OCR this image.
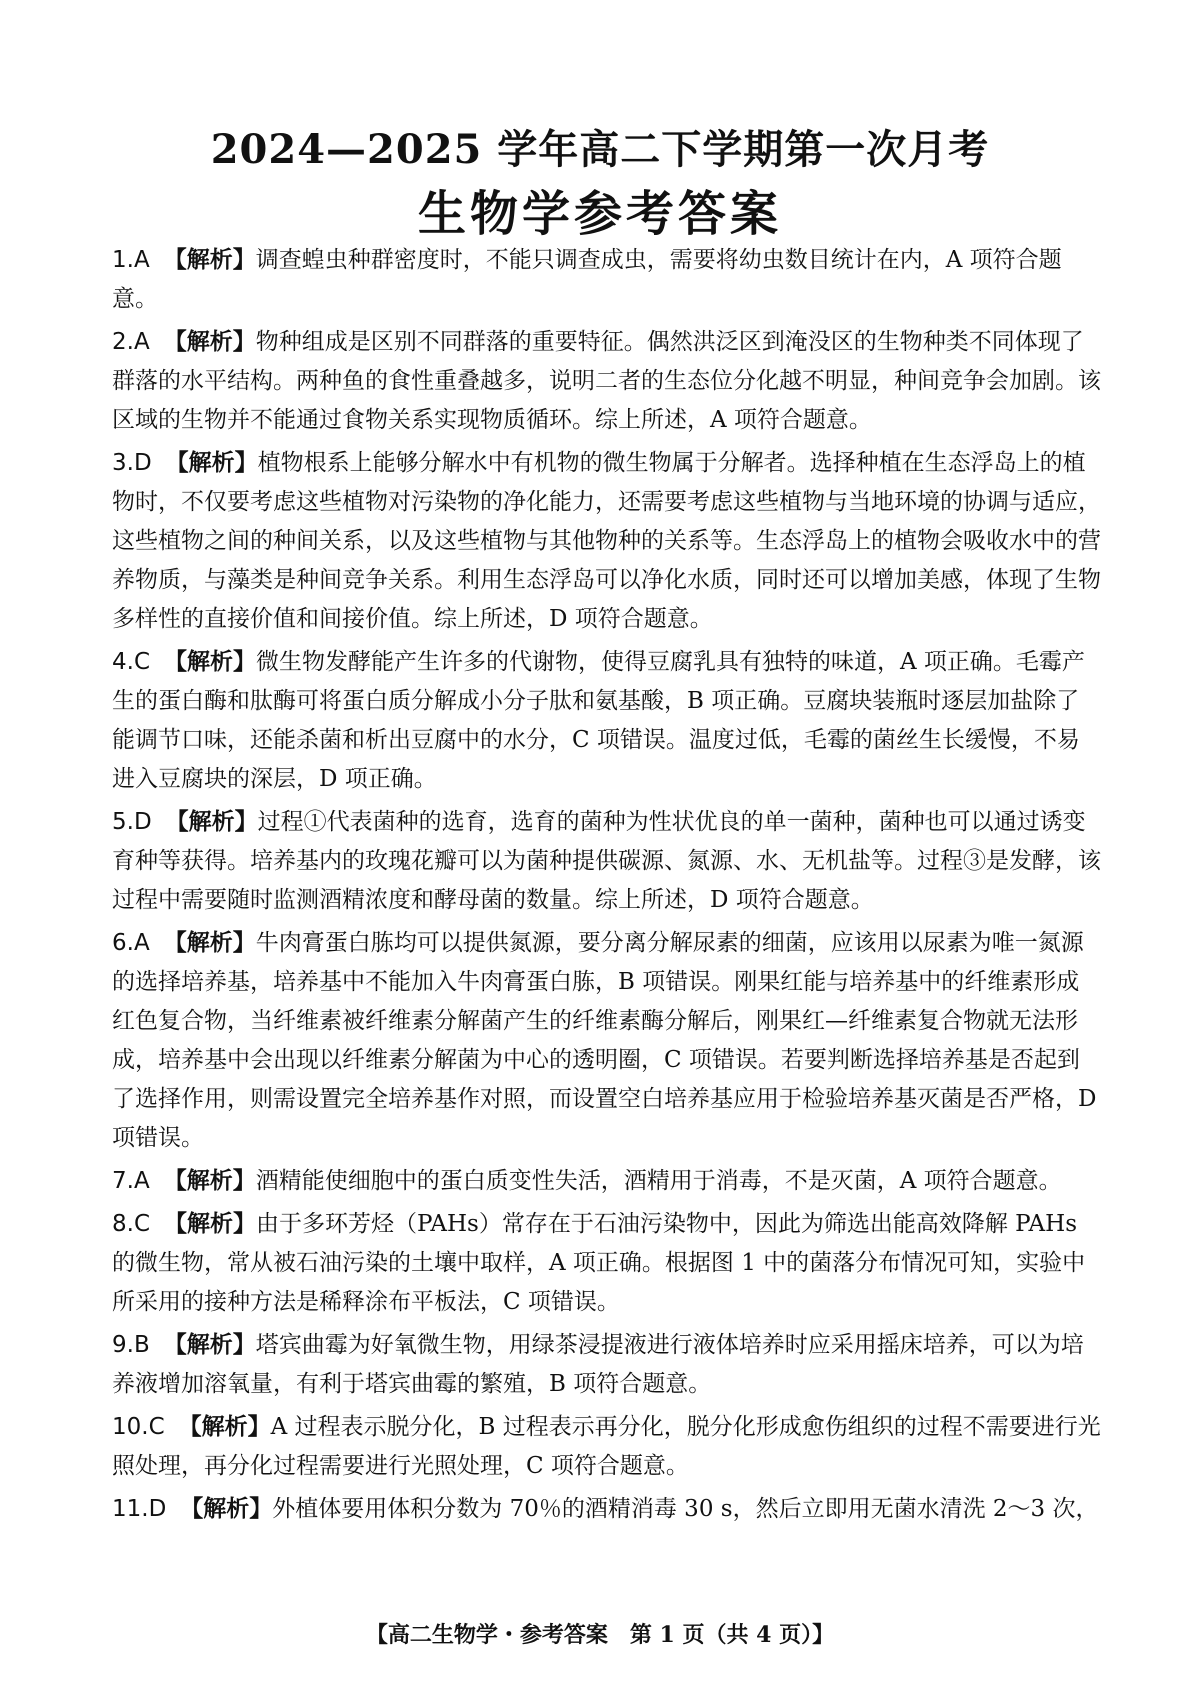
2024—2025 学年高二下学期第一次月考
生物学参考答案
1.A 【解析】调查蝗虫种群密度时，不能只调查成虫，需要将幼虫数目统计在内，A 项符合题意。
2.A 【解析】物种组成是区别不同群落的重要特征。偶然洪泛区到淹没区的生物种类不同体现了群落的水平结构。两种鱼的食性重叠越多，说明二者的生态位分化越不明显，种间竞争会加剧。该区域的生物并不能通过食物关系实现物质循环。综上所述，A 项符合题意。
3.D 【解析】植物根系上能够分解水中有机物的微生物属于分解者。选择种植在生态浮岛上的植物时，不仅要考虑这些植物对污染物的净化能力，还需要考虑这些植物与当地环境的协调与适应，这些植物之间的种间关系，以及这些植物与其他物种的关系等。生态浮岛上的植物会吸收水中的营养物质，与藻类是种间竞争关系。利用生态浮岛可以净化水质，同时还可以增加美感，体现了生物多样性的直接价值和间接价值。综上所述，D 项符合题意。
4.C 【解析】微生物发酵能产生许多的代谢物，使得豆腐乳具有独特的味道，A 项正确。毛霉产生的蛋白酶和肽酶可将蛋白质分解成小分子肽和氨基酸，B 项正确。豆腐块装瓶时逐层加盐除了能调节口味，还能杀菌和析出豆腐中的水分，C 项错误。温度过低，毛霉的菌丝生长缓慢，不易进入豆腐块的深层，D 项正确。
5.D 【解析】过程①代表菌种的选育，选育的菌种为性状优良的单一菌种，菌种也可以通过诱变育种等获得。培养基内的玫瑰花瓣可以为菌种提供碳源、氮源、水、无机盐等。过程③是发酵，该过程中需要随时监测酒精浓度和酵母菌的数量。综上所述，D 项符合题意。
6.A 【解析】牛肉膏蛋白胨均可以提供氮源，要分离分解尿素的细菌，应该用以尿素为唯一氮源的选择培养基，培养基中不能加入牛肉膏蛋白胨，B 项错误。刚果红能与培养基中的纤维素形成红色复合物，当纤维素被纤维素分解菌产生的纤维素酶分解后，刚果红—纤维素复合物就无法形成，培养基中会出现以纤维素分解菌为中心的透明圈，C 项错误。若要判断选择培养基是否起到了选择作用，则需设置完全培养基作对照，而设置空白培养基应用于检验培养基灭菌是否严格，D 项错误。
7.A 【解析】酒精能使细胞中的蛋白质变性失活，酒精用于消毒，不是灭菌，A 项符合题意。
8.C 【解析】由于多环芳烃（PAHs）常存在于石油污染物中，因此为筛选出能高效降解 PAHs 的微生物，常从被石油污染的土壤中取样，A 项正确。根据图 1 中的菌落分布情况可知，实验中所采用的接种方法是稀释涂布平板法，C 项错误。
9.B 【解析】塔宾曲霉为好氧微生物，用绿茶浸提液进行液体培养时应采用摇床培养，可以为培养液增加溶氧量，有利于塔宾曲霉的繁殖，B 项符合题意。
10.C 【解析】A 过程表示脱分化，B 过程表示再分化，脱分化形成愈伤组织的过程不需要进行光照处理，再分化过程需要进行光照处理，C 项符合题意。
11.D 【解析】外植体要用体积分数为 70％的酒精消毒 30 s，然后立即用无菌水清洗 2～3 次，
【高二生物学・参考答案　第 1 页（共 4 页）】
